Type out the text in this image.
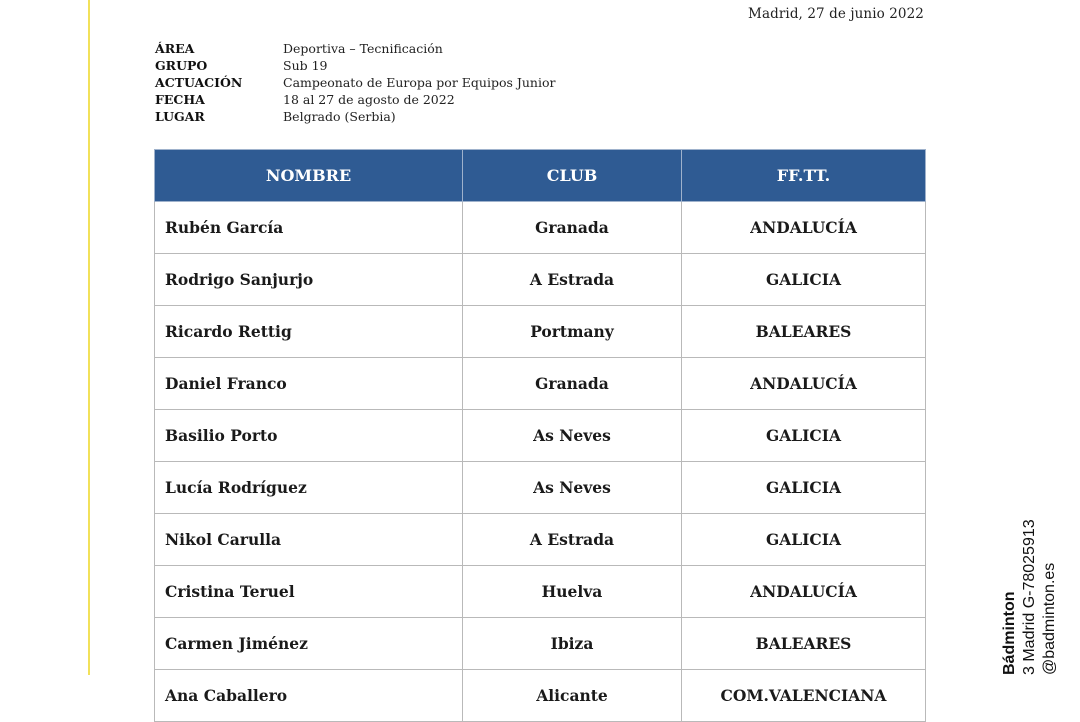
Madrid, 27 de junio 2022
ÁREA	Deportiva – Tecnificación
GRUPO	Sub 19
ACTUACIÓN	Campeonato de Europa por Equipos Junior
FECHA	18 al 27 de agosto de 2022
LUGAR	Belgrado (Serbia)
NOMBRE	CLUB	FF.TT.
Rubén García	Granada	ANDALUCÍA
Rodrigo Sanjurjo	A Estrada	GALICIA
Ricardo Rettig	Portmany	BALEARES
Daniel Franco	Granada	ANDALUCÍA
Basilio Porto	As Neves	GALICIA
Lucía Rodríguez	As Neves	GALICIA
Nikol Carulla	A Estrada	GALICIA
Cristina Teruel	Huelva	ANDALUCÍA
Carmen Jiménez	Ibiza	BALEARES
Ana Caballero	Alicante	COM.VALENCIANA
Bádminton 3 Madrid G-78025913 @badminton.es
